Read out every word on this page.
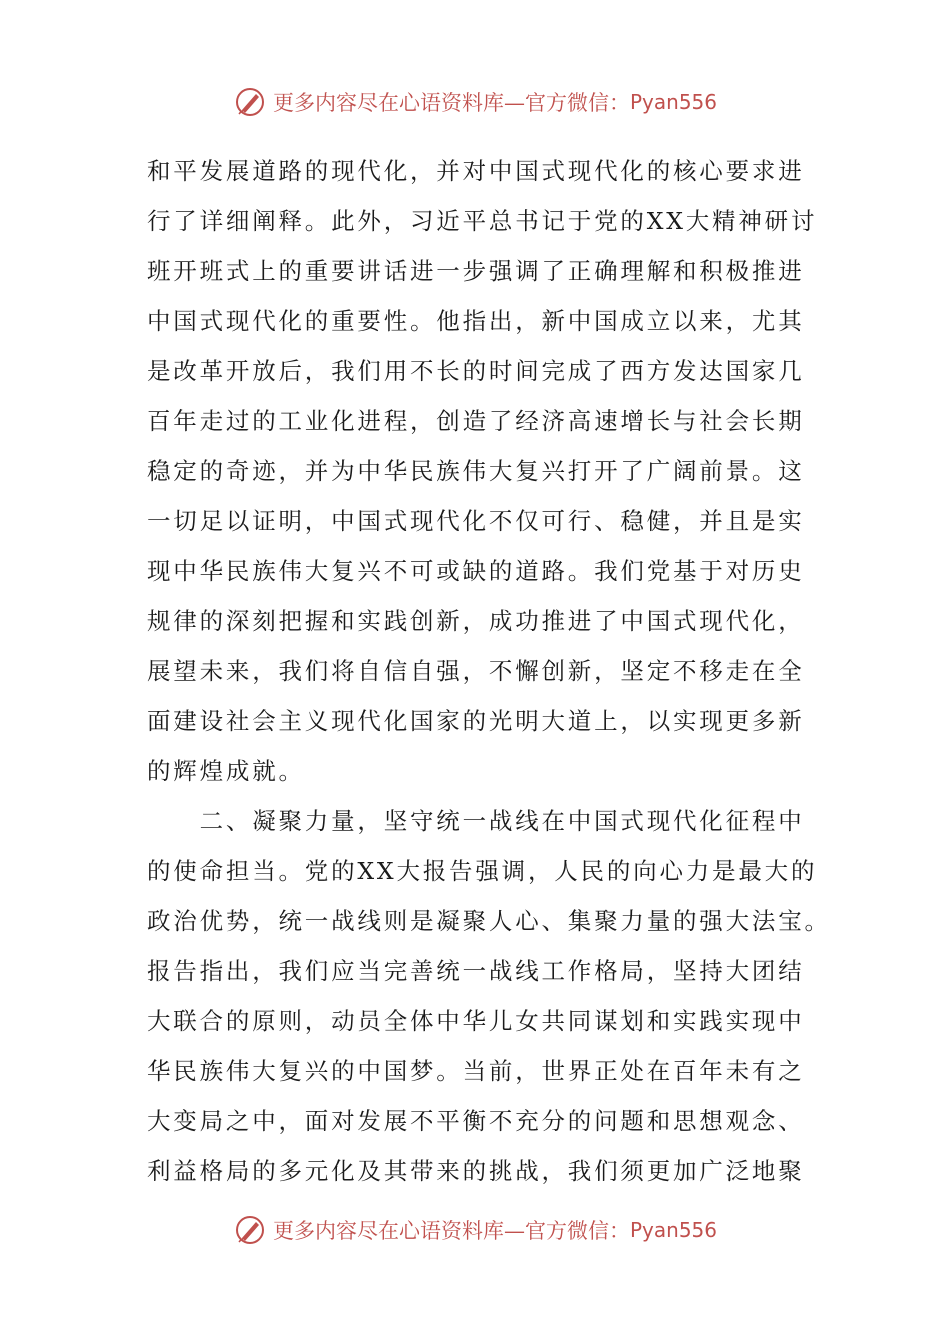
更多内容尽在心语资料库—官方微信： Pyan556
和平发展道路的现代化，并对中国式现代化的核心要求进
行了详细阐释。此外，习近平总书记于党的XX大精神研讨
班开班式上的重要讲话进一步强调了正确理解和积极推进
中国式现代化的重要性。他指出，新中国成立以来，尤其
是改革开放后，我们用不长的时间完成了西方发达国家几
百年走过的工业化进程，创造了经济高速增长与社会长期
稳定的奇迹，并为中华民族伟大复兴打开了广阔前景。这
一切足以证明，中国式现代化不仅可行、稳健，并且是实
现中华民族伟大复兴不可或缺的道路。我们党基于对历史
规律的深刻把握和实践创新，成功推进了中国式现代化，
展望未来，我们将自信自强，不懈创新，坚定不移走在全
面建设社会主义现代化国家的光明大道上，以实现更多新
的辉煌成就。
　　二、凝聚力量，坚守统一战线在中国式现代化征程中
的使命担当。党的XX大报告强调，人民的向心力是最大的
政治优势，统一战线则是凝聚人心、集聚力量的强大法宝。
报告指出，我们应当完善统一战线工作格局，坚持大团结
大联合的原则，动员全体中华儿女共同谋划和实践实现中
华民族伟大复兴的中国梦。当前，世界正处在百年未有之
大变局之中，面对发展不平衡不充分的问题和思想观念、
利益格局的多元化及其带来的挑战，我们须更加广泛地聚
更多内容尽在心语资料库—官方微信： Pyan556
